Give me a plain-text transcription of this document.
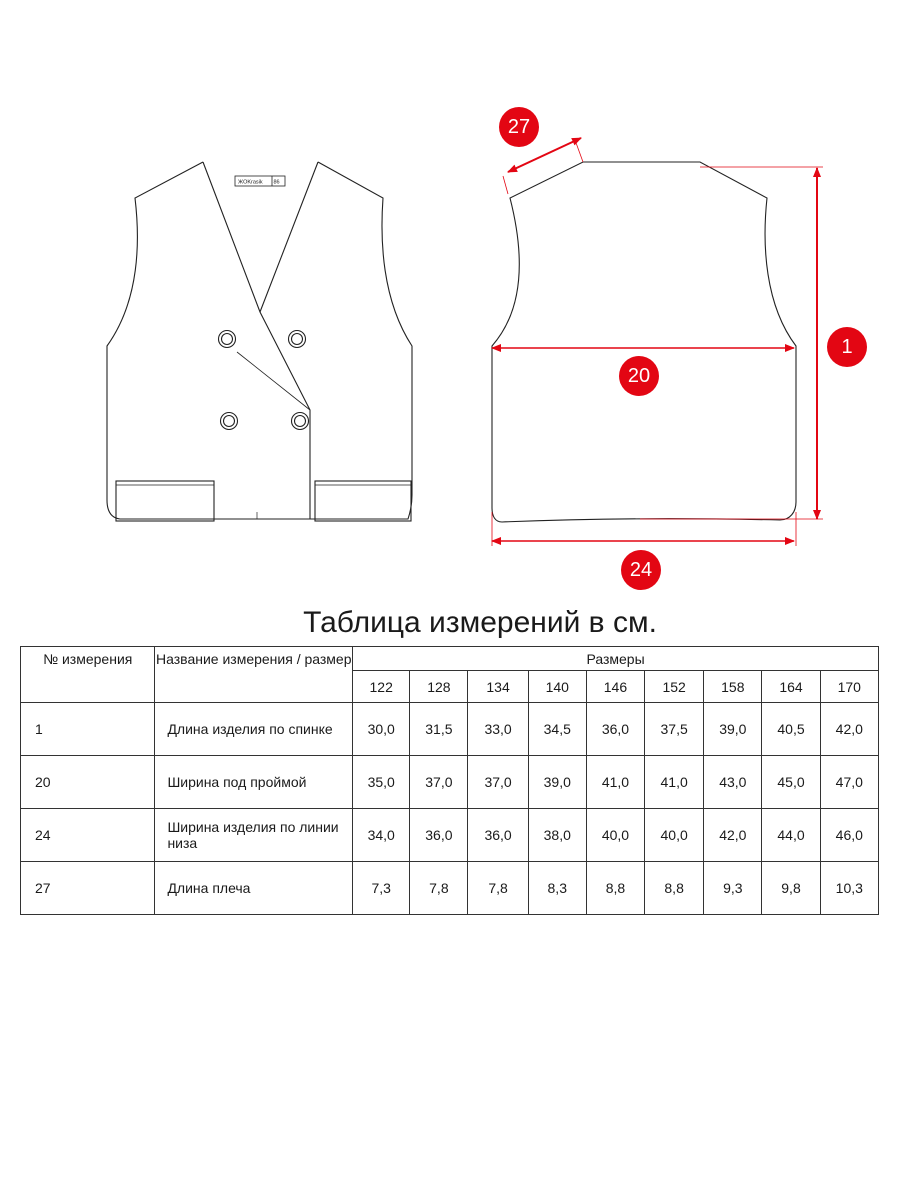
ЖOKrasik 86
27
1
20
24
Таблица измерений в см.
№ измерения	Название измерения / размер	Размеры								
		122	128	134	140	146	152	158	164	170
1	Длина изделия по спинке	30,0	31,5	33,0	34,5	36,0	37,5	39,0	40,5	42,0
20	Ширина под проймой	35,0	37,0	37,0	39,0	41,0	41,0	43,0	45,0	47,0
24	Ширина изделия по линии низа	34,0	36,0	36,0	38,0	40,0	40,0	42,0	44,0	46,0
27	Длина плеча	7,3	7,8	7,8	8,3	8,8	8,8	9,3	9,8	10,3
